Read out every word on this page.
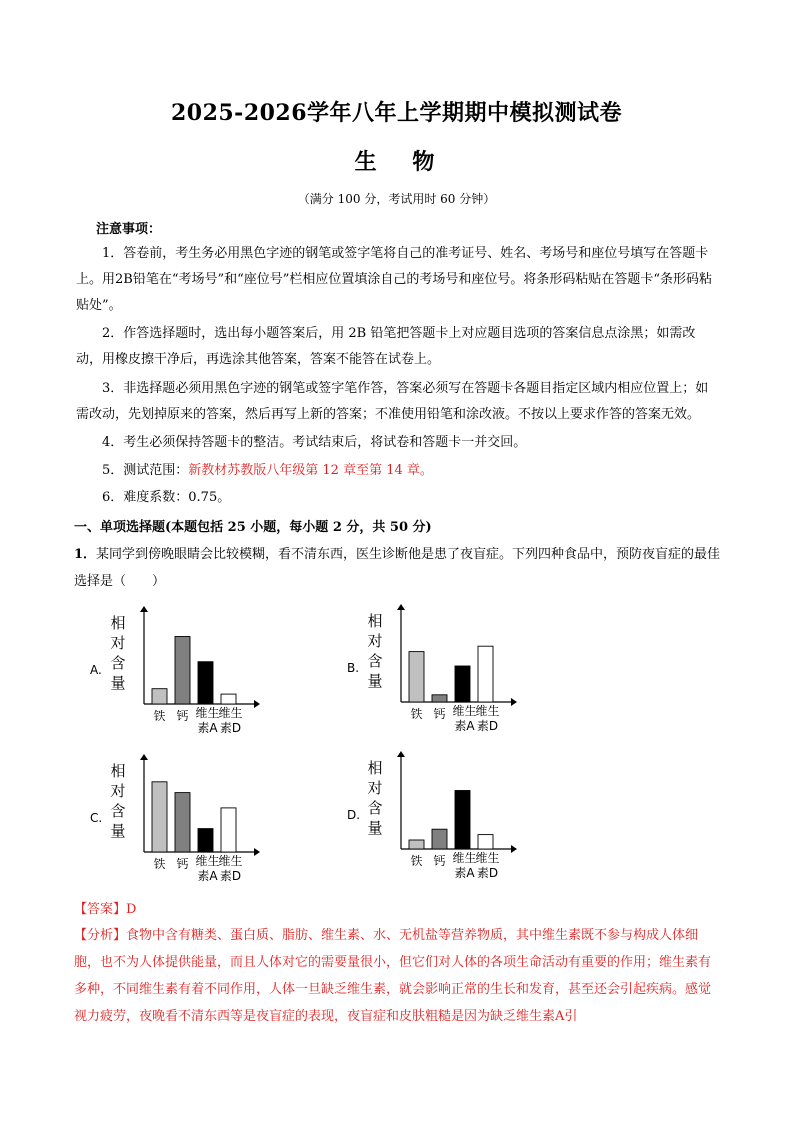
2025-2026学年八年上学期期中模拟测试卷
生 物
（满分 100 分，考试用时 60 分钟）
注意事项：
1．答卷前，考生务必用黑色字迹的钢笔或签字笔将自己的准考证号、姓名、考场号和座位号填写在答题卡上。用2B铅笔在“考场号”和“座位号”栏相应位置填涂自己的考场号和座位号。将条形码粘贴在答题卡“条形码粘贴处”。
2．作答选择题时，选出每小题答案后，用 2B 铅笔把答题卡上对应题目选项的答案信息点涂黑；如需改动，用橡皮擦干净后，再选涂其他答案，答案不能答在试卷上。
3．非选择题必须用黑色字迹的钢笔或签字笔作答，答案必须写在答题卡各题目指定区域内相应位置上；如需改动，先划掉原来的答案，然后再写上新的答案；不准使用铅笔和涂改液。不按以上要求作答的答案无效。
4．考生必须保持答题卡的整洁。考试结束后，将试卷和答题卡一并交回。
5．测试范围：新教材苏教版八年级第 12 章至第 14 章。
6．难度系数：0.75。
一、单项选择题(本题包括 25 小题，每小题 2 分，共 50 分)
1．某同学到傍晚眼睛会比较模糊，看不清东西，医生诊断他是患了夜盲症。下列四种食品中，预防夜盲症的最佳选择是（　　）
A.
相
对
含
量
铁 钙 维生
素A
维生
素D
B.
相
对
含
量
铁 钙 维生
素A
维生
素D
C.
相
对
含
量
铁 钙 维生
素A
维生
素D
D.
相
对
含
量
铁 钙 维生
素A
维生
素D
【答案】D
【分析】食物中含有糖类、蛋白质、脂肪、维生素、水、无机盐等营养物质，其中维生素既不参与构成人体细胞，也不为人体提供能量，而且人体对它的需要量很小，但它们对人体的各项生命活动有重要的作用；维生素有多种，不同维生素有着不同作用，人体一旦缺乏维生素，就会影响正常的生长和发育，甚至还会引起疾病。感觉视力疲劳，夜晚看不清东西等是夜盲症的表现，夜盲症和皮肤粗糙是因为缺乏维生素A引
